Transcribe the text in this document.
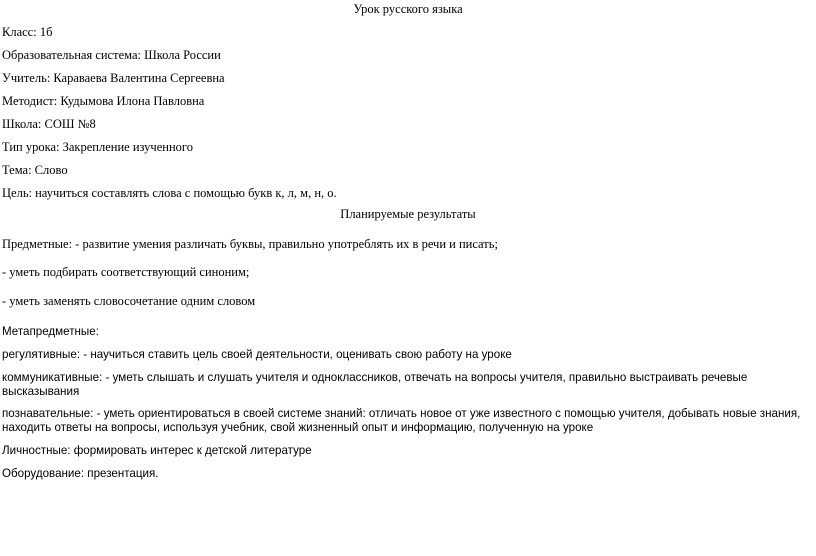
Урок русского языка

Класс: 1б

Образовательная система: Школа России

Учитель: Караваева Валентина Сергеевна

Методист: Кудымова Илона Павловна

Школа: СОШ №8

Тип урока: Закрепление изученного

Тема: Слово

Цель: научиться составлять слова с помощью букв к, л, м, н, о.

Планируемые результаты

Предметные: - развитие умения различать буквы, правильно употреблять их в речи и писать;

- уметь подбирать соответствующий синоним;

- уметь заменять словосочетание одним словом

Метапредметные:

регулятивные: - научиться ставить цель своей деятельности, оценивать свою работу на уроке

коммуникативные: - уметь слышать и слушать учителя и одноклассников, отвечать на вопросы учителя, правильно выстраивать речевые

высказывания

познавательные: - уметь ориентироваться в своей системе знаний: отличать новое от уже известного с помощью учителя, добывать новые знания,

находить ответы на вопросы, используя учебник, свой жизненный опыт и информацию, полученную на уроке

Личностные: формировать интерес к детской литературе

Оборудование: презентация.
